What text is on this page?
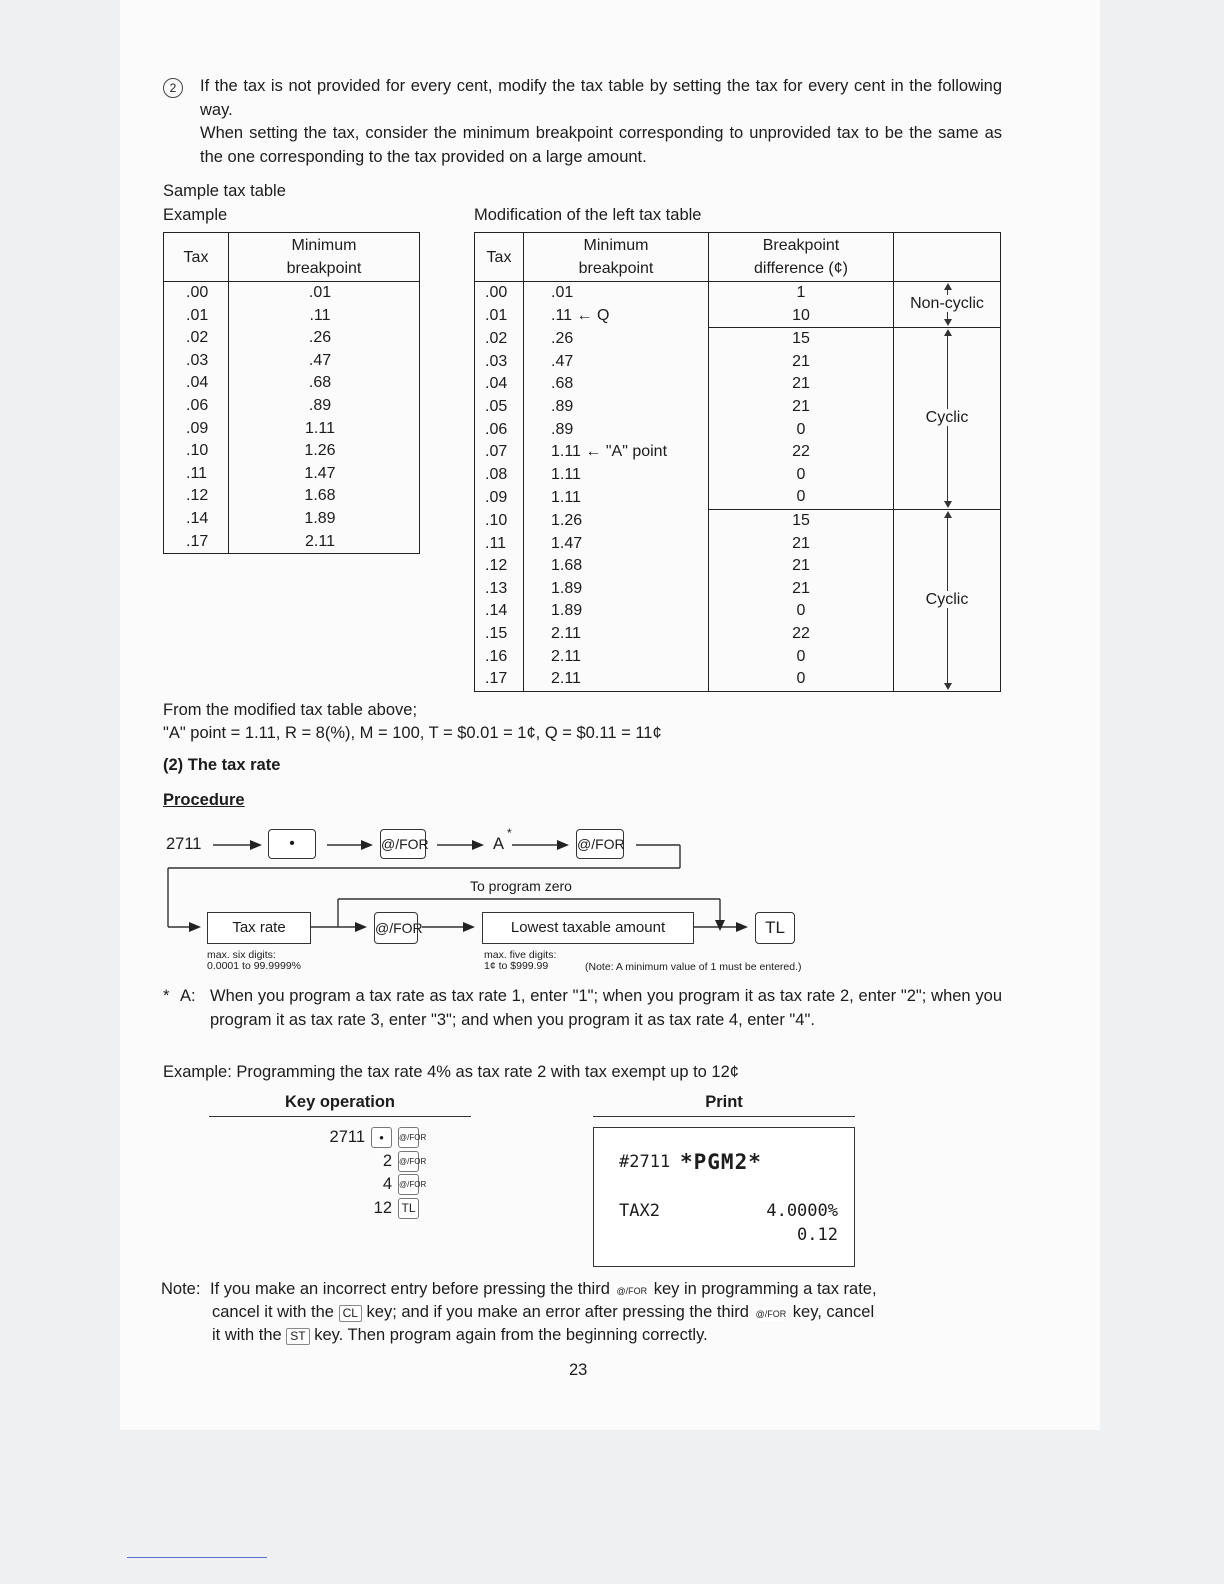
2	If the tax is not provided for every cent, modify the tax table by setting the tax for every cent in the following way.
When setting the tax, consider the minimum breakpoint corresponding to unprovided tax to be the same as the one corresponding to the tax provided on a large amount.
Sample tax table
Example	Modification of the left tax table
Tax	Minimum breakpoint
.00	.01
.01	.11
.02	.26
.03	.47
.04	.68
.06	.89
.09	1.11
.10	1.26
.11	1.47
.12	1.68
.14	1.89
.17	2.11
Tax	Minimum breakpoint	Breakpoint difference (¢)	
.00	.01	1	Non-cyclic
.01	.11 ← Q	10	
.02	.26	15	Cyclic
.03	.47	21	
.04	.68	21	
.05	.89	21	
.06	.89	0	
.07	1.11 ← "A" point	22	
.08	1.11	0	
.09	1.11	0	
.10	1.26	15	Cyclic
.11	1.47	21	
.12	1.68	21	
.13	1.89	21	
.14	1.89	0	
.15	2.11	22	
.16	2.11	0	
.17	2.11	0	
From the modified tax table above;
"A" point = 1.11, R = 8(%), M = 100, T = $0.01 = 1¢, Q = $0.11 = 11¢
(2) The tax rate
Procedure
2711	•	@/FOR	A
*
@/FOR
To program zero
Tax rate	@/FOR	Lowest taxable amount	TL
max. six digits:
0.0001 to 99.9999%
max. five digits:
1¢ to $999.99	(Note: A minimum value of 1 must be entered.)
* A: When you program a tax rate as tax rate 1, enter "1"; when you program it as tax rate 2, enter "2"; when you program it as tax rate 3, enter "3"; and when you program it as tax rate 4, enter "4".
Example: Programming the tax rate 4% as tax rate 2 with tax exempt up to 12¢
Key operation
2711	•	@/FOR
2 @/FOR
4 @/FOR
12 TL
Print
#2711 *PGM2*
TAX2	4.0000%
0.12
Note: If you make an incorrect entry before pressing the third @/FOR key in programming a tax rate,
cancel it with the CL key; and if you make an error after pressing the third @/FOR key, cancel
it with the ST key. Then program again from the beginning correctly.
23
